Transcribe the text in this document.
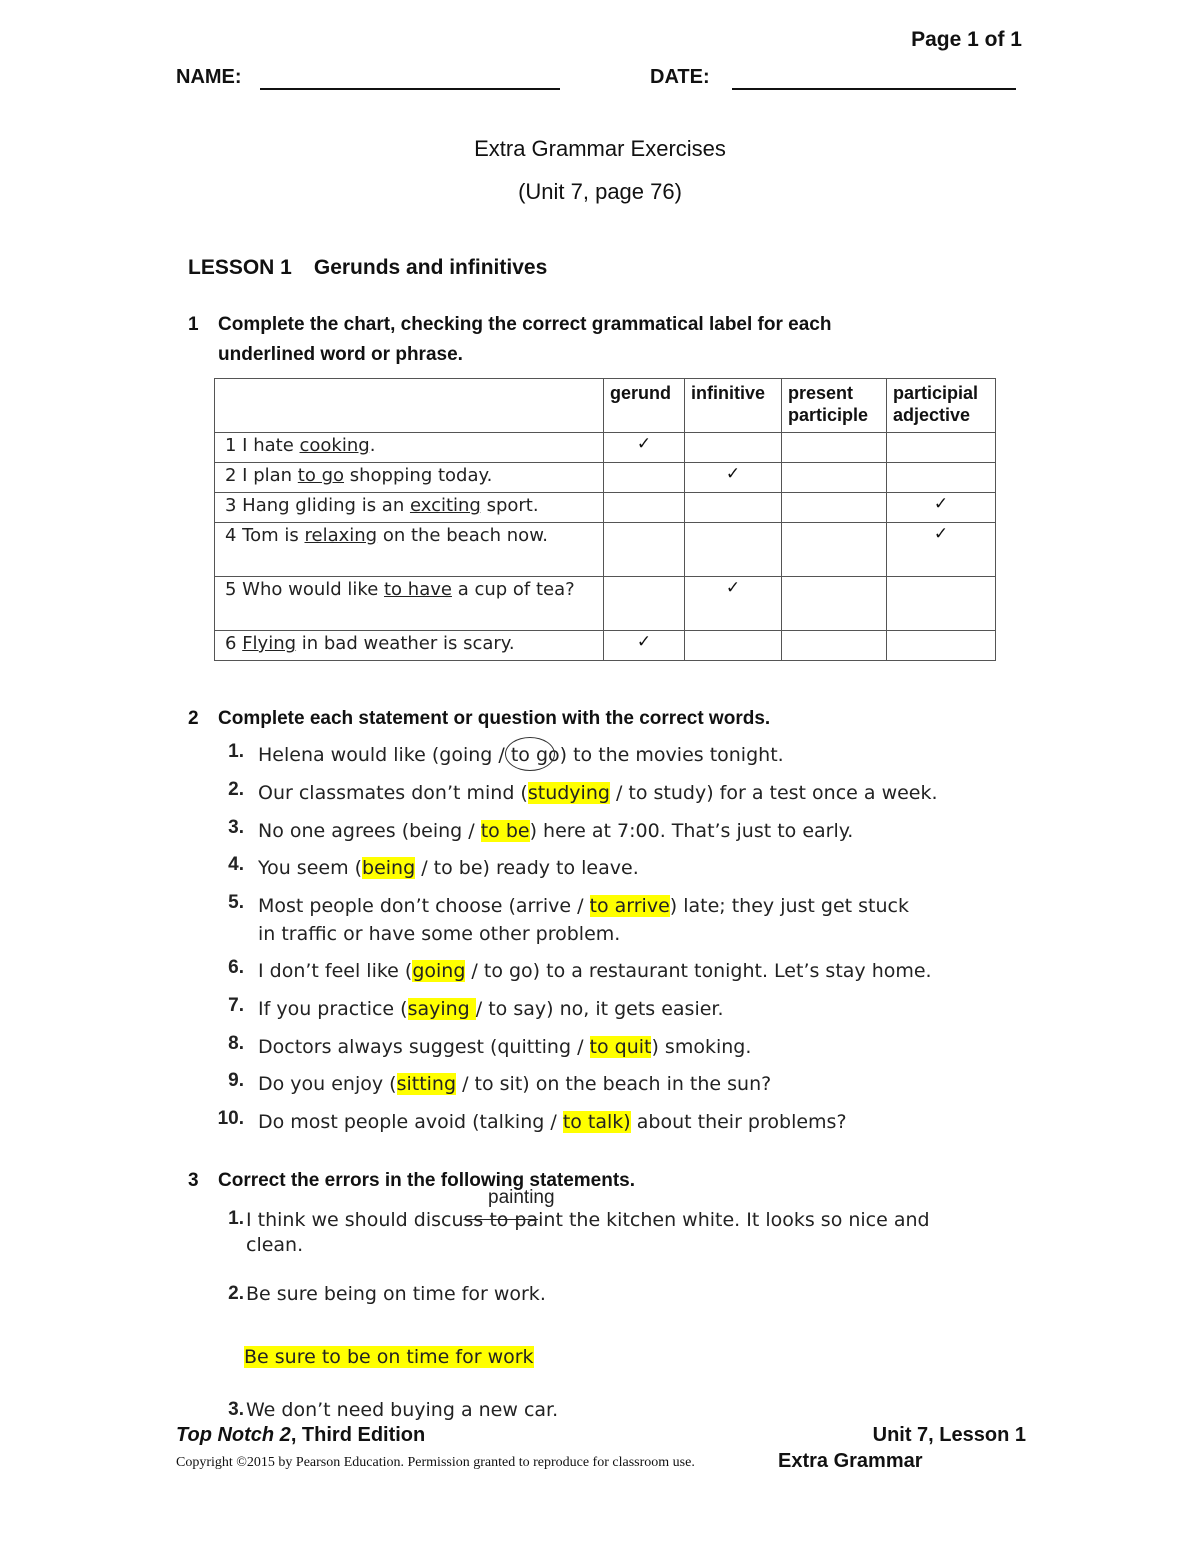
Page 1 of 1
NAME:	DATE:
Extra Grammar Exercises
(Unit 7, page 76)
LESSON 1 Gerunds and infinitives
1 Complete the chart, checking the correct grammatical label for each
underlined word or phrase.
	gerund	infinitive	present participle	participial adjective
1 I hate cooking.	✓			
2 I plan to go shopping today.		✓		
3 Hang gliding is an exciting sport.				✓
4 Tom is relaxing on the beach now.				✓
5 Who would like to have a cup of tea?		✓		
6 Flying in bad weather is scary.	✓			
2 Complete each statement or question with the correct words.
1. Helena would like (going / to go) to the movies tonight.
2. Our classmates don’t mind (studying / to study) for a test once a week.
3. No one agrees (being / to be) here at 7:00. That’s just to early.
4. You seem (being / to be) ready to leave.
5. Most people don’t choose (arrive / to arrive) late; they just get stuck
in traffic or have some other problem.
6. I don’t feel like (going / to go) to a restaurant tonight. Let’s stay home.
7. If you practice (saying / to say) no, it gets easier.
8. Doctors always suggest (quitting / to quit) smoking.
9. Do you enjoy (sitting / to sit) on the beach in the sun?
10. Do most people avoid (talking / to talk) about their problems?
3 Correct the errors in the following statements.
painting
1. I think we should discuss to paint the kitchen white. It looks so nice and
clean.
2. Be sure being on time for work.
Be sure to be on time for work
3. We don’t need buying a new car.
Top Notch 2, Third Edition	Unit 7, Lesson 1
Copyright ©2015 by Pearson Education. Permission granted to reproduce for classroom use.	Extra Grammar
